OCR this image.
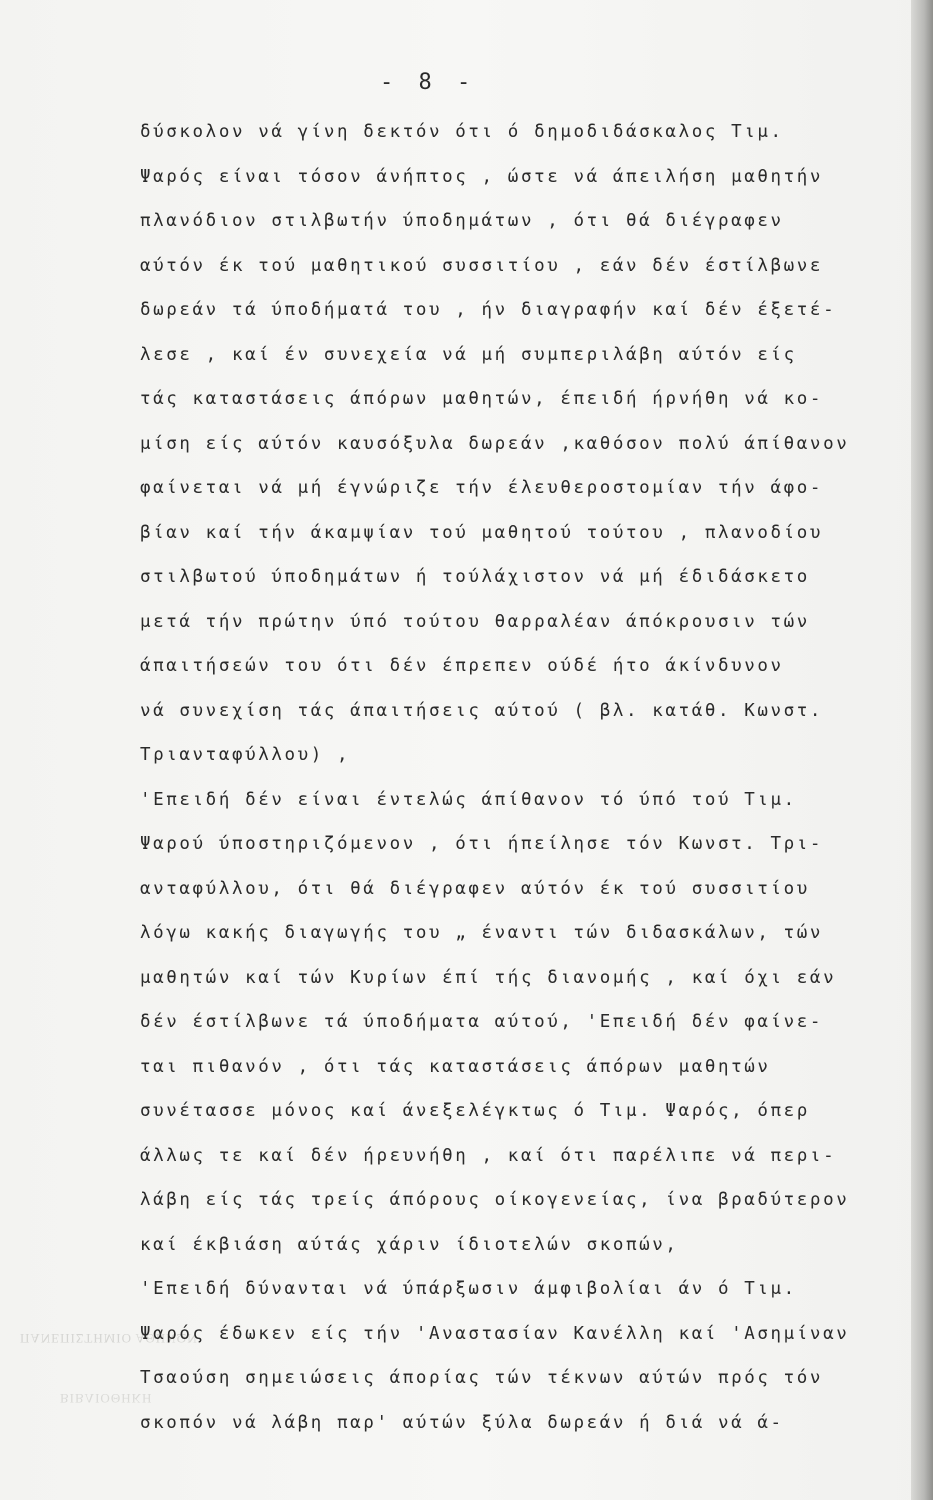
ΠΑΝΕΠΙΣΤΗΜΙΟ ΑΘΗΝΩΝ
ΒΙΒΛΙΟΘΗΚΗ
- 8 -
δύσκολον νά γίνη δεκτόν ότι ό δημοδιδάσκαλος Τιμ.
Ψαρός είναι τόσον άνήπτος , ώστε νά άπειλήση μαθητήν
πλανόδιον στιλβωτήν ύποδημάτων , ότι θά διέγραφεν
αύτόν έκ τού μαθητικού συσσιτίου , εάν δέν έστίλβωνε
δωρεάν τά ύποδήματά του , ήν διαγραφήν καί δέν έξετέ-
λεσε , καί έν συνεχεία νά μή συμπεριλάβη αύτόν είς
τάς καταστάσεις άπόρων μαθητών, έπειδή ήρνήθη νά κο-
μίση είς αύτόν καυσόξυλα δωρεάν ,καθόσον πολύ άπίθανον
φαίνεται νά μή έγνώριζε τήν έλευθεροστομίαν τήν άφο-
βίαν καί τήν άκαμψίαν τού μαθητού τούτου , πλανοδίου
στιλβωτού ύποδημάτων ή τούλάχιστον νά μή έδιδάσκετο
μετά τήν πρώτην ύπό τούτου θαρραλέαν άπόκρουσιν τών
άπαιτήσεών του ότι δέν έπρεπεν ούδέ ήτο άκίνδυνον
νά συνεχίση τάς άπαιτήσεις αύτού ( βλ. κατάθ. Κωνστ.
Τριανταφύλλου) ,
'Επειδή δέν είναι έντελώς άπίθανον τό ύπό τού Τιμ.
Ψαρού ύποστηριζόμενον , ότι ήπείλησε τόν Κωνστ. Τρι-
ανταφύλλου, ότι θά διέγραφεν αύτόν έκ τού συσσιτίου
λόγω κακής διαγωγής του „ έναντι τών διδασκάλων, τών
μαθητών καί τών Κυρίων έπί τής διανομής , καί όχι εάν
δέν έστίλβωνε τά ύποδήματα αύτού, 'Επειδή δέν φαίνε-
ται πιθανόν , ότι τάς καταστάσεις άπόρων μαθητών
συνέτασσε μόνος καί άνεξελέγκτως ό Τιμ. Ψαρός, όπερ
άλλως τε καί δέν ήρευνήθη , καί ότι παρέλιπε νά περι-
λάβη είς τάς τρείς άπόρους οίκογενείας, ίνα βραδύτερον
καί έκβιάση αύτάς χάριν ίδιοτελών σκοπών,
'Επειδή δύνανται νά ύπάρξωσιν άμφιβολίαι άν ό Τιμ.
Ψαρός έδωκεν είς τήν 'Αναστασίαν Κανέλλη καί 'Ασημίναν
Τσαούση σημειώσεις άπορίας τών τέκνων αύτών πρός τόν
σκοπόν νά λάβη παρ' αύτών ξύλα δωρεάν ή διά νά ά-
